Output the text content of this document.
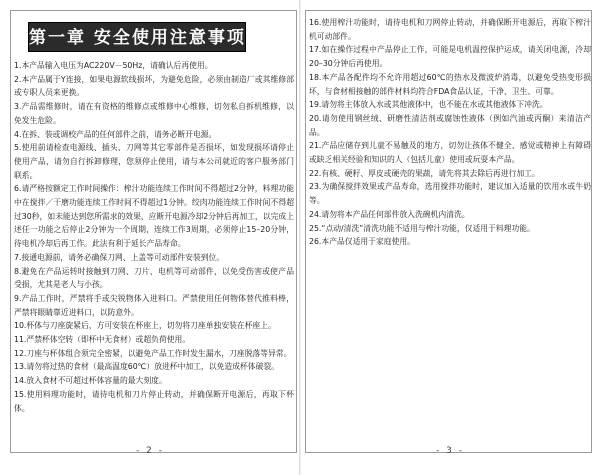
第一章 安全使用注意事项
1.本产品输入电压为AC220V－50Hz，请确认后再使用。
2.本产品属于Y连接，如果电源软线损坏，为避免危险，必须由制造厂或其维修部或专职人员来更换。
3.产品需维修时，请在有资格的维修点或维修中心维修，切勿私自拆机维修，以免发生危险。
4.在拆、装或调校产品的任何部件之前，请务必断开电源。
5.使用前请检查电源线、插头、刀网等其它零部件是否损坏，如发现损坏请停止使用产品，请勿自行拆卸修理，您须停止使用，请与本公司就近的客户服务部门联系。
6.请严格按额定工作时间操作：榨汁功能连续工作时间不得超过2分钟，料理功能中在搅拌／干磨功能连续工作时间不得超过1分钟。绞肉功能连续工作时间不得超过30秒，如未能达到您所需求的效果，应断开电源冷却2分钟后再加工，以完成上述任一功能之后停止2分钟为一个周期，连续工作3周期，必须停止15–20分钟，待电机冷却后再工作。此法有利于延长产品寿命。
7.接通电源前，请务必确保刀网、上盖等可动部件安装到位。
8.避免在产品运转时接触到刀网、刀片、电机等可动部件，以免受伤害或使产品受损，尤其是老人与小孩。
9.产品工作时，严禁将手或尖锐物体入进料口。严禁使用任何物体替代推料棒，严禁将眼睛靠近进料口，以防意外。
10.杯体与刀座旋紧后，方可安装在杯座上，切勿将刀座单独安装在杯座上。
11.严禁杯体空转（即杯中无食材）或超负荷使用。
12.刀座与杯体组合须完全密紧，以避免产品工作时发生漏水，刀座脱落等异常。
13.请勿将过热的食材（最高温度60℃）放进杯中加工，以免造成杯体破裂。
14.放入食材不可超过杯体容量的最大刻度。
15.使用料理功能时，请待电机和刀片停止转动，并确保断开电源后，再取下杯体。
- 2 -
16.使用榨汁功能时，请待电机和刀网停止转动，并确保断开电源后，再取下榨汁机可动部件。
17.如在操作过程中产品停止工作，可能是电机温控保护运成，请关闭电源，冷却20–30分钟后再使用。
18.本产品各配件均不允许用超过60℃的热水及微波炉消毒，以避免受热变形损坏，与食材相接触的部件材料均符合FDA食品认证，干净、卫生、可靠。
19.请勿将主体放入水或其他液体中，也不能在水或其他液体下冲洗。
20.请勿使用钢丝绒、研磨性清洁剂或腐蚀性液体（例如汽油或丙酮）来清洁产品。
21.产品应储存到儿童不易触及的地方，切勿让孩体不健全、感觉或精神上有障碍或缺乏相关经验和知识的人（包括儿童）使用或玩耍本产品。
22.有核、硬籽、厚皮或硬壳的果蔬，请先将其去除后再进行加工。
23.为确保搅拌效果或产品寿命，选用搅拌功能时，建议加入适量的饮用水或牛奶等。
24.请勿将本产品任何部件放入洗碗机内清洗。
25.“点动/清洗”清洗功能不适用与榨汁功能，仅适用于料理功能。
26.本产品仅适用于家庭使用。
- 3 -
